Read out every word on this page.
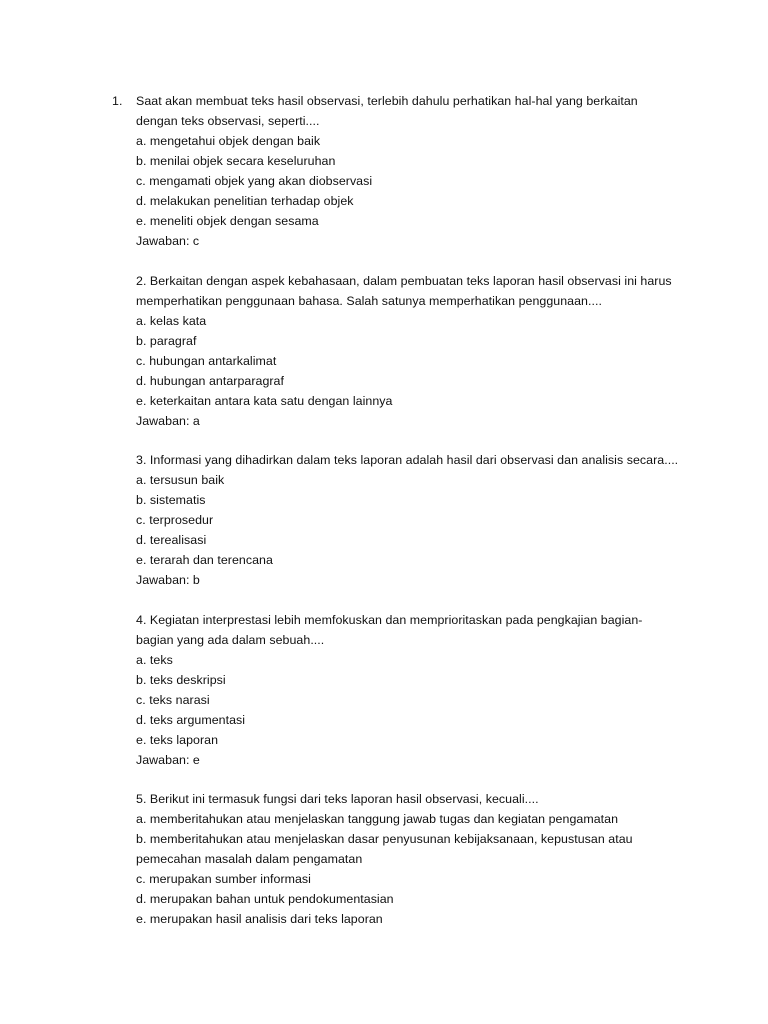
1. Saat akan membuat teks hasil observasi, terlebih dahulu perhatikan hal-hal yang berkaitan
dengan teks observasi, seperti....
a. mengetahui objek dengan baik
b. menilai objek secara keseluruhan
c. mengamati objek yang akan diobservasi
d. melakukan penelitian terhadap objek
e. meneliti objek dengan sesama
Jawaban: c
2. Berkaitan dengan aspek kebahasaan, dalam pembuatan teks laporan hasil observasi ini harus
memperhatikan penggunaan bahasa. Salah satunya memperhatikan penggunaan....
a. kelas kata
b. paragraf
c. hubungan antarkalimat
d. hubungan antarparagraf
e. keterkaitan antara kata satu dengan lainnya
Jawaban: a
3. Informasi yang dihadirkan dalam teks laporan adalah hasil dari observasi dan analisis secara....
a. tersusun baik
b. sistematis
c. terprosedur
d. terealisasi
e. terarah dan terencana
Jawaban: b
4. Kegiatan interprestasi lebih memfokuskan dan memprioritaskan pada pengkajian bagian-
bagian yang ada dalam sebuah....
a. teks
b. teks deskripsi
c. teks narasi
d. teks argumentasi
e. teks laporan
Jawaban: e
5. Berikut ini termasuk fungsi dari teks laporan hasil observasi, kecuali....
a. memberitahukan atau menjelaskan tanggung jawab tugas dan kegiatan pengamatan
b. memberitahukan atau menjelaskan dasar penyusunan kebijaksanaan, kepustusan atau
pemecahan masalah dalam pengamatan
c. merupakan sumber informasi
d. merupakan bahan untuk pendokumentasian
e. merupakan hasil analisis dari teks laporan
